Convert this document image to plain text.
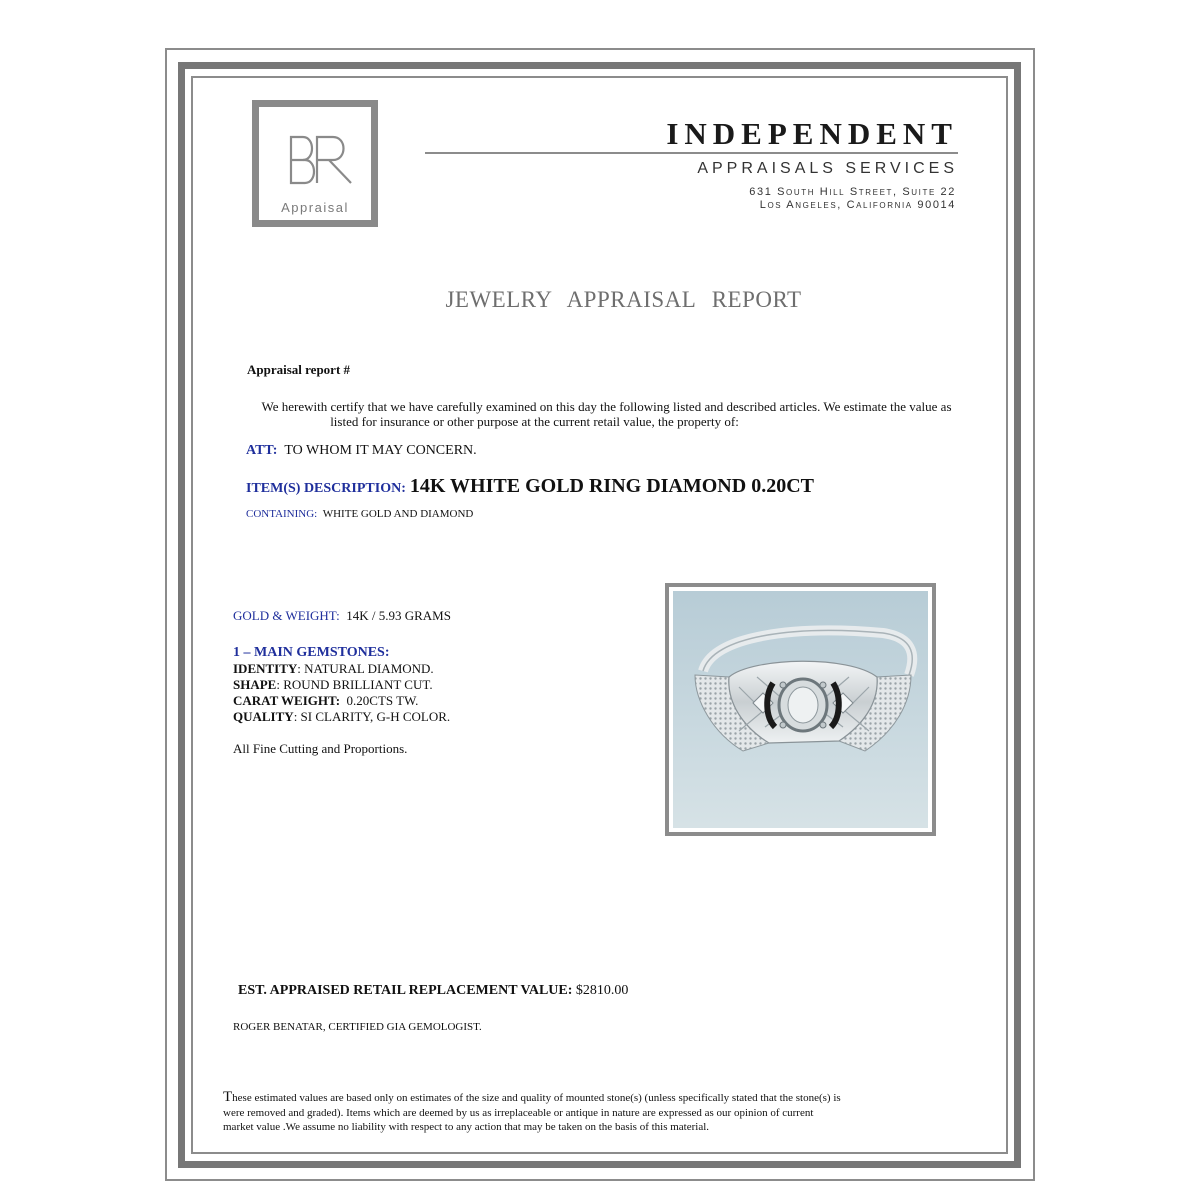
Appraisal
INDEPENDENT
APPRAISALS SERVICES
631 South Hill Street, Suite 22
Los Angeles, California 90014
JEWELRY APPRAISAL REPORT
Appraisal report #
We herewith certify that we have carefully examined on this day the following listed and described articles. We estimate the value as
listed for insurance or other purpose at the current retail value, the property of:
ATT: TO WHOM IT MAY CONCERN.
ITEM(S) DESCRIPTION: 14K WHITE GOLD RING DIAMOND 0.20CT
CONTAINING: WHITE GOLD AND DIAMOND
GOLD & WEIGHT: 14K / 5.93 GRAMS
1 – MAIN GEMSTONES:
IDENTITY: NATURAL DIAMOND.
SHAPE: ROUND BRILLIANT CUT.
CARAT WEIGHT: 0.20CTS TW.
QUALITY: SI CLARITY, G-H COLOR.
All Fine Cutting and Proportions.
EST. APPRAISED RETAIL REPLACEMENT VALUE: $2810.00
ROGER BENATAR, CERTIFIED GIA GEMOLOGIST.
These estimated values are based only on estimates of the size and quality of mounted stone(s) (unless specifically stated that the stone(s) is
were removed and graded). Items which are deemed by us as irreplaceable or antique in nature are expressed as our opinion of current
market value .We assume no liability with respect to any action that may be taken on the basis of this material.
